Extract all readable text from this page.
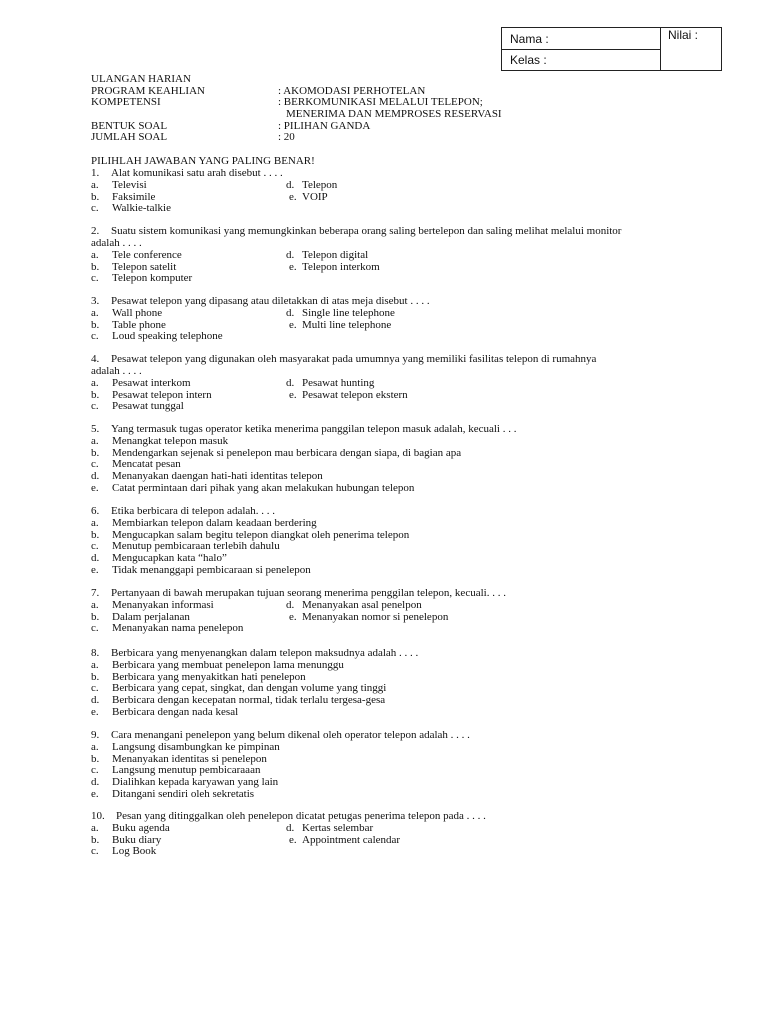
Nama :
Kelas :
Nilai :
ULANGAN HARIAN
PROGRAM KEAHLIAN	: AKOMODASI PERHOTELAN
KOMPETENSI	: BERKOMUNIKASI MELALUI TELEPON;
MENERIMA DAN MEMPROSES RESERVASI
BENTUK SOAL	: PILIHAN GANDA
JUMLAH SOAL	: 20
PILIHLAH JAWABAN YANG PALING BENAR!
1. Alat komunikasi satu arah disebut . . . .
a. Televisi
b. Faksimile
c. Walkie-talkie
d. Telepon
e. VOIP
2. Suatu sistem komunikasi yang memungkinkan beberapa orang saling bertelepon dan saling melihat melalui monitor
adalah . . . .
a. Tele conference
b. Telepon satelit
c. Telepon komputer
d. Telepon digital
e. Telepon interkom
3. Pesawat telepon yang dipasang atau diletakkan di atas meja disebut . . . .
a. Wall phone
b. Table phone
c. Loud speaking telephone
d. Single line telephone
e. Multi line telephone
4. Pesawat telepon yang digunakan oleh masyarakat pada umumnya yang memiliki fasilitas telepon di rumahnya
adalah . . . .
a. Pesawat interkom
b. Pesawat telepon intern
c. Pesawat tunggal
d. Pesawat hunting
e. Pesawat telepon ekstern
5. Yang termasuk tugas operator ketika menerima panggilan telepon masuk adalah, kecuali . . .
a. Menangkat telepon masuk
b. Mendengarkan sejenak si penelepon mau berbicara dengan siapa, di bagian apa
c. Mencatat pesan
d. Menanyakan daengan hati-hati identitas telepon
e. Catat permintaan dari pihak yang akan melakukan hubungan telepon
6. Etika berbicara di telepon adalah. . . .
a. Membiarkan telepon dalam keadaan berdering
b. Mengucapkan salam begitu telepon diangkat oleh penerima telepon
c. Menutup pembicaraan terlebih dahulu
d. Mengucapkan kata “halo”
e. Tidak menanggapi pembicaraan si penelepon
7. Pertanyaan di bawah merupakan tujuan seorang menerima penggilan telepon, kecuali. . . .
a. Menanyakan informasi
b. Dalam perjalanan
c. Menanyakan nama penelepon
d. Menanyakan asal penelpon
e. Menanyakan nomor si penelepon
8. Berbicara yang menyenangkan dalam telepon maksudnya adalah . . . .
a. Berbicara yang membuat penelepon lama menunggu
b. Berbicara yang menyakitkan hati penelepon
c. Berbicara yang cepat, singkat, dan dengan volume yang tinggi
d. Berbicara dengan kecepatan normal, tidak terlalu tergesa-gesa
e. Berbicara dengan nada kesal
9. Cara menangani penelepon yang belum dikenal oleh operator telepon adalah . . . .
a. Langsung disambungkan ke pimpinan
b. Menanyakan identitas si penelepon
c. Langsung menutup pembicaraaan
d. Dialihkan kepada karyawan yang lain
e. Ditangani sendiri oleh sekretatis
10. Pesan yang ditinggalkan oleh penelepon dicatat petugas penerima telepon pada . . . .
a. Buku agenda
b. Buku diary
c. Log Book
d. Kertas selembar
e. Appointment calendar
